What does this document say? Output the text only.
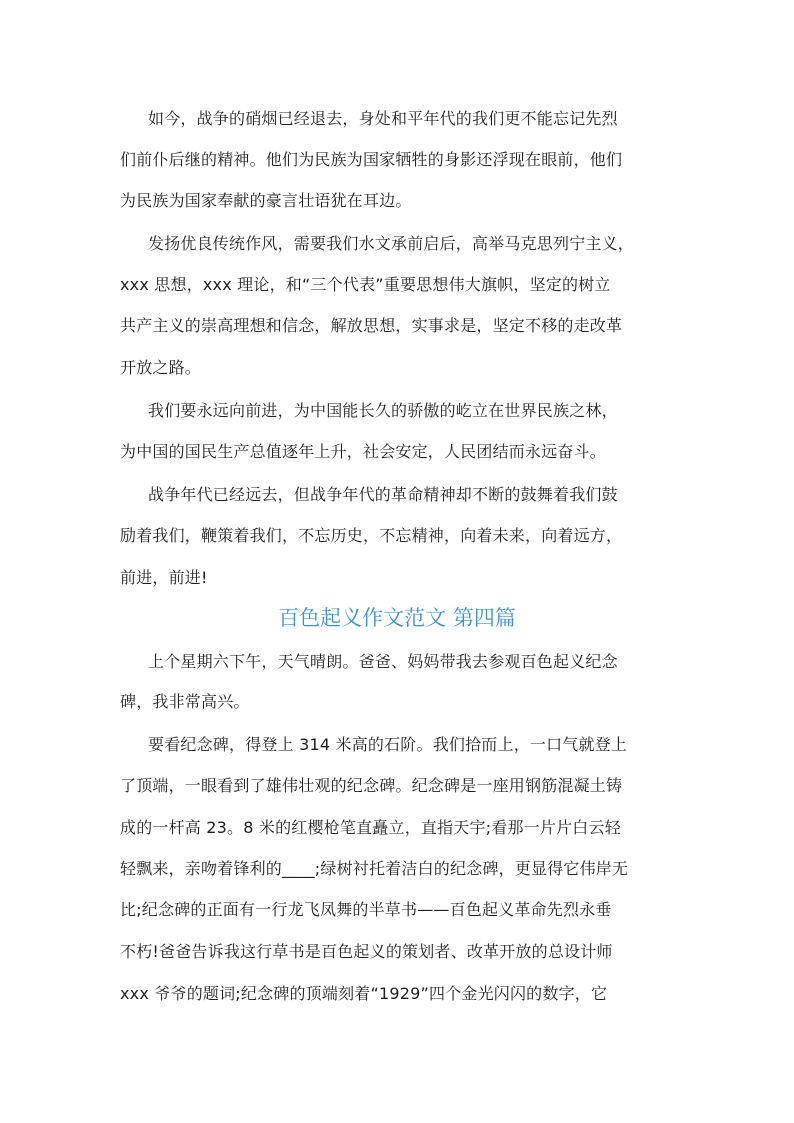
如今，战争的硝烟已经退去，身处和平年代的我们更不能忘记先烈
们前仆后继的精神。他们为民族为国家牺牲的身影还浮现在眼前，他们
为民族为国家奉献的豪言壮语犹在耳边。
发扬优良传统作风，需要我们水文承前启后，高举马克思列宁主义，
xxx 思想，xxx 理论，和“三个代表”重要思想伟大旗帜，坚定的树立
共产主义的崇高理想和信念，解放思想，实事求是，坚定不移的走改革
开放之路。
我们要永远向前进，为中国能长久的骄傲的屹立在世界民族之林，
为中国的国民生产总值逐年上升，社会安定，人民团结而永远奋斗。
战争年代已经远去，但战争年代的革命精神却不断的鼓舞着我们鼓
励着我们，鞭策着我们，不忘历史，不忘精神，向着未来，向着远方，
前进，前进!
百色起义作文范文 第四篇
上个星期六下午，天气晴朗。爸爸、妈妈带我去参观百色起义纪念
碑，我非常高兴。
要看纪念碑，得登上 314 米高的石阶。我们拾而上，一口气就登上
了顶端，一眼看到了雄伟壮观的纪念碑。纪念碑是一座用钢筋混凝土铸
成的一杆高 23。8 米的红樱枪笔直矗立，直指天宇;看那一片片白云轻
轻飘来，亲吻着锋利的____;绿树衬托着洁白的纪念碑，更显得它伟岸无
比;纪念碑的正面有一行龙飞凤舞的半草书——百色起义革命先烈永垂
不朽!爸爸告诉我这行草书是百色起义的策划者、改革开放的总设计师
xxx 爷爷的题词;纪念碑的顶端刻着“1929”四个金光闪闪的数字，它
